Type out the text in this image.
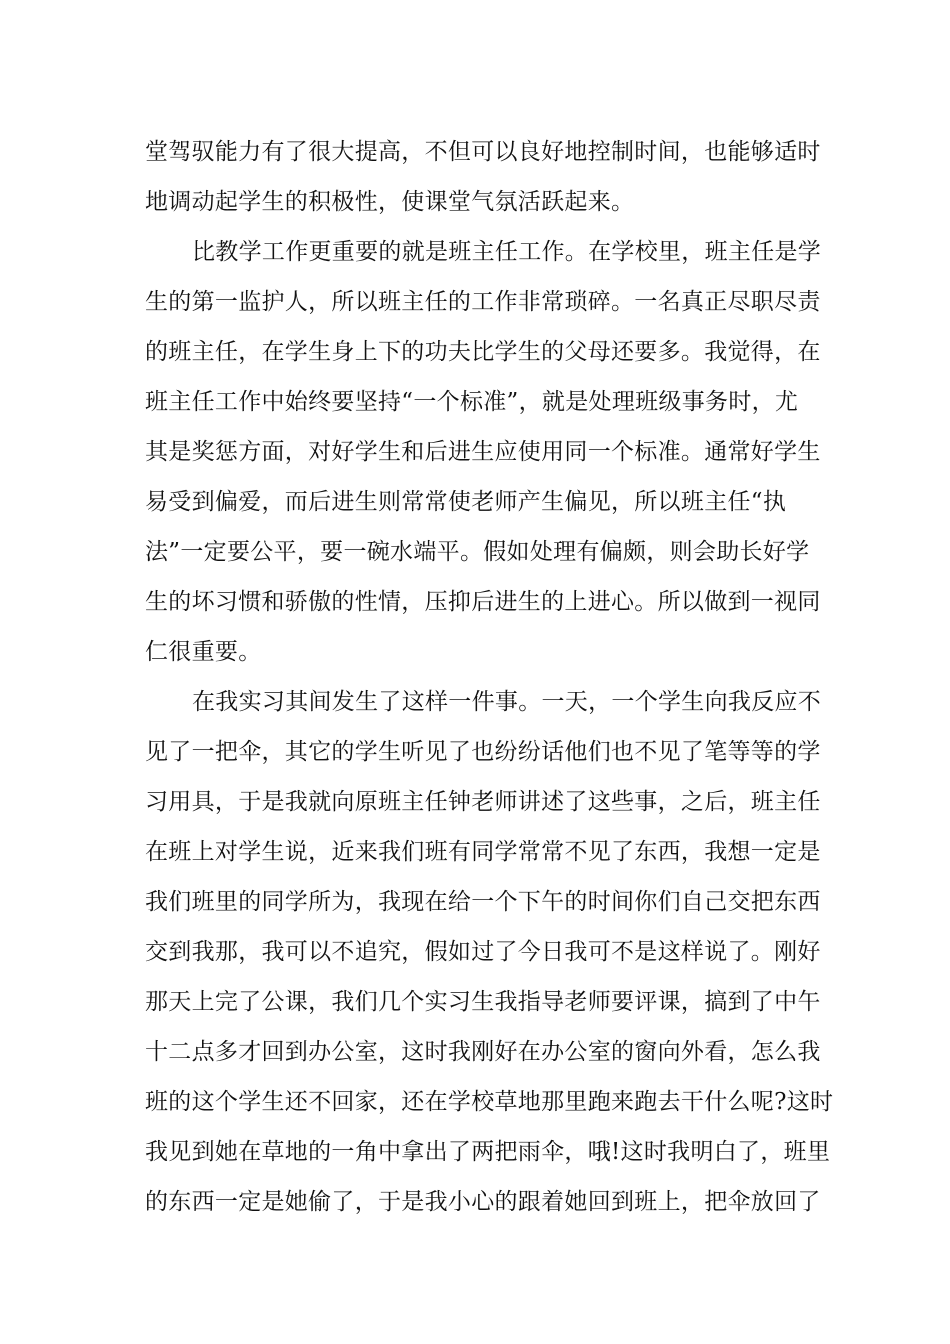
堂驾驭能力有了很大提高，不但可以良好地控制时间，也能够适时
地调动起学生的积极性，使课堂气氛活跃起来。
比教学工作更重要的就是班主任工作。在学校里，班主任是学
生的第一监护人，所以班主任的工作非常琐碎。一名真正尽职尽责
的班主任，在学生身上下的功夫比学生的父母还要多。我觉得，在
班主任工作中始终要坚持“一个标准”，就是处理班级事务时，尤
其是奖惩方面，对好学生和后进生应使用同一个标准。通常好学生
易受到偏爱，而后进生则常常使老师产生偏见，所以班主任“执
法”一定要公平，要一碗水端平。假如处理有偏颇，则会助长好学
生的坏习惯和骄傲的性情，压抑后进生的上进心。所以做到一视同
仁很重要。
在我实习其间发生了这样一件事。一天，一个学生向我反应不
见了一把伞，其它的学生听见了也纷纷话他们也不见了笔等等的学
习用具，于是我就向原班主任钟老师讲述了这些事，之后，班主任
在班上对学生说，近来我们班有同学常常不见了东西，我想一定是
我们班里的同学所为，我现在给一个下午的时间你们自己交把东西
交到我那，我可以不追究，假如过了今日我可不是这样说了。刚好
那天上完了公课，我们几个实习生我指导老师要评课，搞到了中午
十二点多才回到办公室，这时我刚好在办公室的窗向外看，怎么我
班的这个学生还不回家，还在学校草地那里跑来跑去干什么呢?这时
我见到她在草地的一角中拿出了两把雨伞，哦!这时我明白了，班里
的东西一定是她偷了，于是我小心的跟着她回到班上，把伞放回了
